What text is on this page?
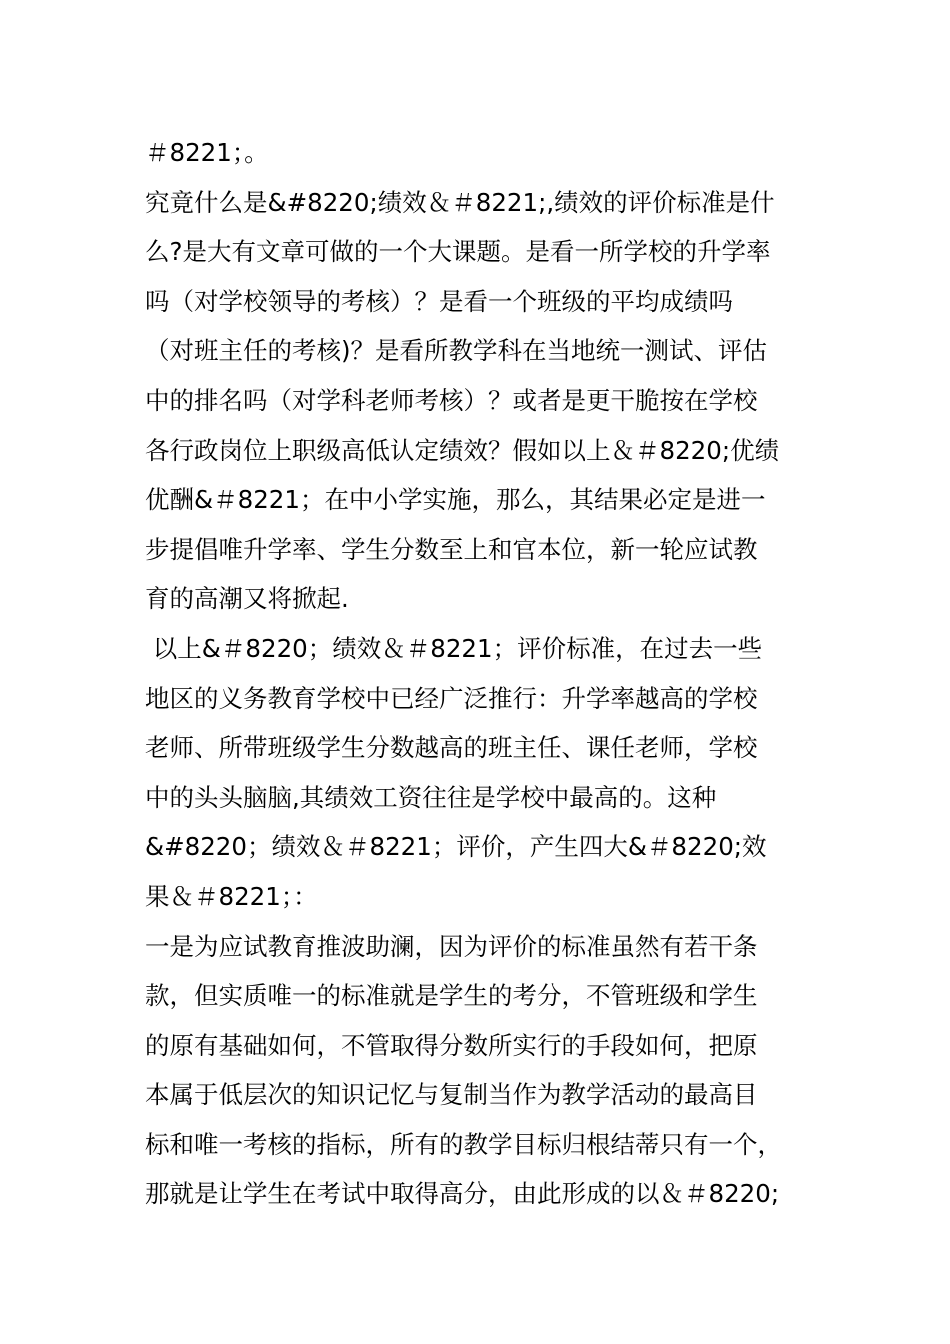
＃8221；。
究竟什么是&#8220;绩效＆＃8221;,绩效的评价标准是什
么?是大有文章可做的一个大课题。是看一所学校的升学率
吗（对学校领导的考核）？是看一个班级的平均成绩吗
（对班主任的考核)？是看所教学科在当地统一测试、评估
中的排名吗（对学科老师考核）？或者是更干脆按在学校
各行政岗位上职级高低认定绩效？假如以上＆＃8220;优绩
优酬&＃8221；在中小学实施，那么，其结果必定是进一
步提倡唯升学率、学生分数至上和官本位，新一轮应试教
育的高潮又将掀起.
以上&＃8220；绩效＆＃8221；评价标准，在过去一些
地区的义务教育学校中已经广泛推行：升学率越高的学校
老师、所带班级学生分数越高的班主任、课任老师，学校
中的头头脑脑,其绩效工资往往是学校中最高的。这种
&#8220；绩效＆＃8221；评价，产生四大&＃8220;效
果＆＃8221；：
一是为应试教育推波助澜，因为评价的标准虽然有若干条
款，但实质唯一的标准就是学生的考分，不管班级和学生
的原有基础如何，不管取得分数所实行的手段如何，把原
本属于低层次的知识记忆与复制当作为教学活动的最高目
标和唯一考核的指标，所有的教学目标归根结蒂只有一个，
那就是让学生在考试中取得高分，由此形成的以＆＃8220;
